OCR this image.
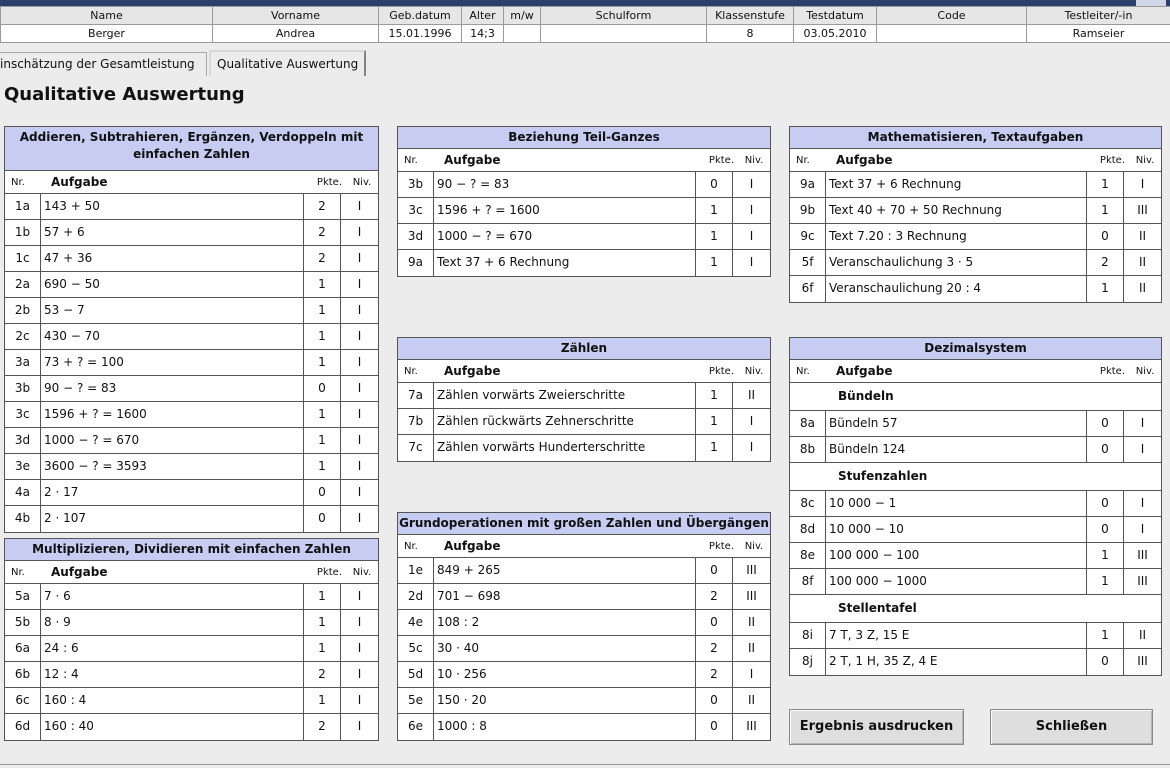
Name	Vorname	Geb.datum	Alter	m/w	Schulform	Klassenstufe	Testdatum	Code	Testleiter/-in
Berger	Andrea	15.01.1996	14;3			8	03.05.2010		Ramseier
inschätzung der Gesamtleistung	Qualitative Auswertung
Qualitative Auswertung
Addieren, Subtrahieren, Ergänzen, Verdoppeln mit einfachen Zahlen
Nr.	Aufgabe	Pkte.	Niv.
1a	143 + 50	2	I
1b	57 + 6	2	I
1c	47 + 36	2	I
2a	690 − 50	1	I
2b	53 − 7	1	I
2c	430 − 70	1	I
3a	73 + ? = 100	1	I
3b	90 − ? = 83	0	I
3c	1596 + ? = 1600	1	I
3d	1000 − ? = 670	1	I
3e	3600 − ? = 3593	1	I
4a	2 · 17	0	I
4b	2 · 107	0	I
Multiplizieren, Dividieren mit einfachen Zahlen
Nr.	Aufgabe	Pkte.	Niv.
5a	7 · 6	1	I
5b	8 · 9	1	I
6a	24 : 6	1	I
6b	12 : 4	2	I
6c	160 : 4	1	I
6d	160 : 40	2	I
Beziehung Teil-Ganzes
Nr.	Aufgabe	Pkte.	Niv.
3b	90 − ? = 83	0	I
3c	1596 + ? = 1600	1	I
3d	1000 − ? = 670	1	I
9a	Text 37 + 6 Rechnung	1	I
Zählen
Nr.	Aufgabe	Pkte.	Niv.
7a	Zählen vorwärts Zweierschritte	1	II
7b	Zählen rückwärts Zehnerschritte	1	I
7c	Zählen vorwärts Hunderterschritte	1	I
Grundoperationen mit großen Zahlen und Übergängen
Nr.	Aufgabe	Pkte.	Niv.
1e	849 + 265	0	III
2d	701 − 698	2	III
4e	108 : 2	0	II
5c	30 · 40	2	II
5d	10 · 256	2	I
5e	150 · 20	0	II
6e	1000 : 8	0	III
Mathematisieren, Textaufgaben
Nr.	Aufgabe	Pkte.	Niv.
9a	Text 37 + 6 Rechnung	1	I
9b	Text 40 + 70 + 50 Rechnung	1	III
9c	Text 7.20 : 3 Rechnung	0	II
5f	Veranschaulichung 3 · 5	2	II
6f	Veranschaulichung 20 : 4	1	II
Dezimalsystem
Nr.	Aufgabe	Pkte.	Niv.
Bündeln
8a	Bündeln 57	0	I
8b	Bündeln 124	0	I
Stufenzahlen
8c	10 000 − 1	0	I
8d	10 000 − 10	0	I
8e	100 000 − 100	1	III
8f	100 000 − 1000	1	III
Stellentafel
8i	7 T, 3 Z, 15 E	1	II
8j	2 T, 1 H, 35 Z, 4 E	0	III
Ergebnis ausdrucken	Schließen
